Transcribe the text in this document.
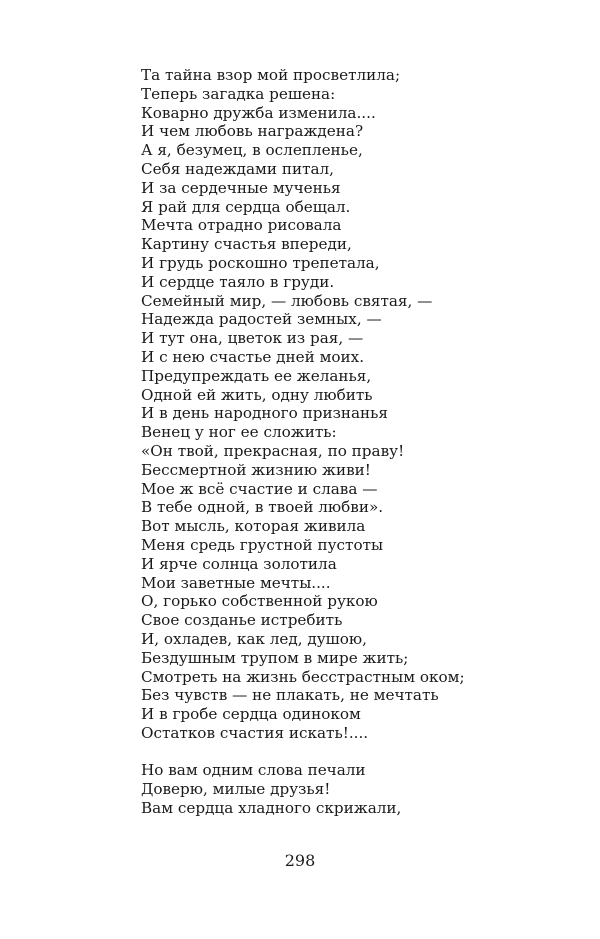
Та тайна взор мой просветлила;
Теперь загадка решена:
Коварно дружба изменила....
И чем любовь награждена?
А я, безумец, в ослепленье,
Себя надеждами питал,
И за сердечные мученья
Я рай для сердца обещал.
Мечта отрадно рисовала
Картину счастья впереди,
И грудь роскошно трепетала,
И сердце таяло в груди.
Семейный мир, — любовь святая, —
Надежда радостей земных, —
И тут она, цветок из рая, —
И с нею счастье дней моих.
Предупреждать ее желанья,
Одной ей жить, одну любить
И в день народного признанья
Венец у ног ее сложить:
«Он твой, прекрасная, по праву!
Бессмертной жизнию живи!
Мое ж всё счастие и слава —
В тебе одной, в твоей любви».
Вот мысль, которая живила
Меня средь грустной пустоты
И ярче солнца золотила
Мои заветные мечты....
О, горько собственной рукою
Свое созданье истребить
И, охладев, как лед, душою,
Бездушным трупом в мире жить;
Смотреть на жизнь бесстрастным оком;
Без чувств — не плакать, не мечтать
И в гробе сердца одиноком
Остатков счастия искать!....
Но вам одним слова печали
Доверю, милые друзья!
Вам сердца хладного скрижали,
298
